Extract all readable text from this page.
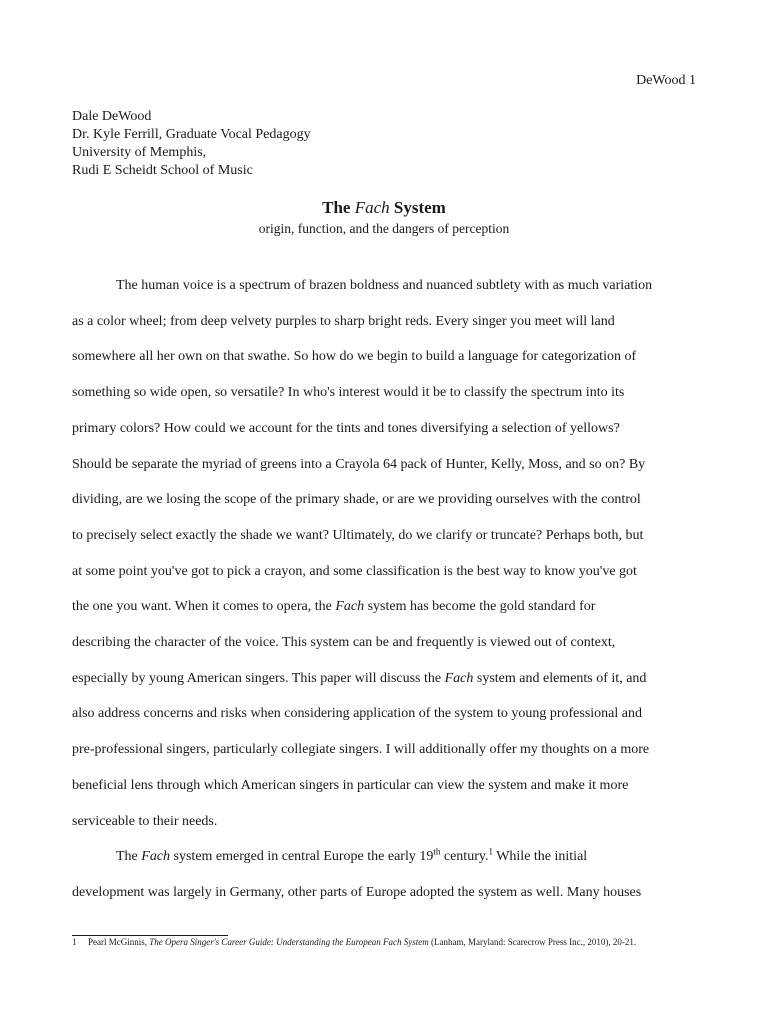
DeWood 1
Dale DeWood
Dr. Kyle Ferrill, Graduate Vocal Pedagogy
University of Memphis,
Rudi E Scheidt School of Music
The Fach System
origin, function, and the dangers of perception
The human voice is a spectrum of brazen boldness and nuanced subtlety with as much variation
as a color wheel; from deep velvety purples to sharp bright reds. Every singer you meet will land
somewhere all her own on that swathe. So how do we begin to build a language for categorization of
something so wide open, so versatile? In who's interest would it be to classify the spectrum into its
primary colors? How could we account for the tints and tones diversifying a selection of yellows?
Should be separate the myriad of greens into a Crayola 64 pack of Hunter, Kelly, Moss, and so on? By
dividing, are we losing the scope of the primary shade, or are we providing ourselves with the control
to precisely select exactly the shade we want? Ultimately, do we clarify or truncate? Perhaps both, but
at some point you've got to pick a crayon, and some classification is the best way to know you've got
the one you want. When it comes to opera, the Fach system has become the gold standard for
describing the character of the voice. This system can be and frequently is viewed out of context,
especially by young American singers. This paper will discuss the Fach system and elements of it, and
also address concerns and risks when considering application of the system to young professional and
pre-professional singers, particularly collegiate singers. I will additionally offer my thoughts on a more
beneficial lens through which American singers in particular can view the system and make it more
serviceable to their needs.
The Fach system emerged in central Europe the early 19th century.$^1$ While the initial
development was largely in Germany, other parts of Europe adopted the system as well. Many houses
1 Pearl McGinnis, The Opera Singer's Career Guide: Understanding the European Fach System (Lanham, Maryland: Scarecrow Press Inc., 2010), 20-21.
